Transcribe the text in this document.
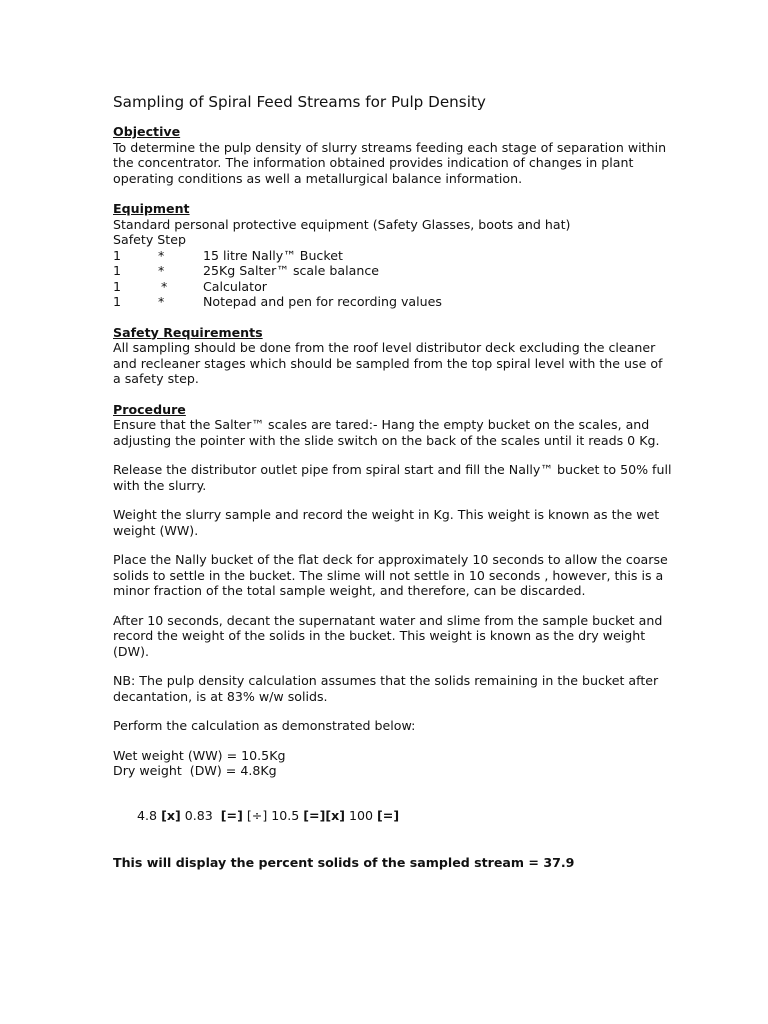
Sampling of Spiral Feed Streams for Pulp Density
Objective

To determine the pulp density of slurry streams feeding each stage of separation within the concentrator. The information obtained provides indication of changes in plant operating conditions as well a metallurgical balance information.

Equipment

Standard personal protective equipment (Safety Glasses, boots and hat)

Safety Step

1	*	15 litre Nally™ Bucket
1	*	25Kg Salter™ scale balance
1	*	Calculator
1	*	Notepad and pen for recording values
Safety Requirements

All sampling should be done from the roof level distributor deck excluding the cleaner and recleaner stages which should be sampled from the top spiral level with the use of a safety step.

Procedure

Ensure that the Salter™ scales are tared:- Hang the empty bucket on the scales, and adjusting the pointer with the slide switch on the back of the scales until it reads 0 Kg.

Release the distributor outlet pipe from spiral start and fill the Nally™ bucket to 50% full with the slurry.

Weight the slurry sample and record the weight in Kg. This weight is known as the wet weight (WW).

Place the Nally bucket of the flat deck for approximately 10 seconds to allow the coarse solids to settle in the bucket. The slime will not settle in 10 seconds , however, this is a minor fraction of the total sample weight, and therefore, can be discarded.

After 10 seconds, decant the supernatant water and slime from the sample bucket and record the weight of the solids in the bucket. This weight is known as the dry weight (DW).

NB: The pulp density calculation assumes that the solids remaining in the bucket after decantation, is at 83% w/w solids.

Perform the calculation as demonstrated below:

Wet weight (WW) = 10.5Kg

Dry weight  (DW) = 4.8Kg

4.8 [x] 0.83  [=] [÷] 10.5 [=][x] 100 [=]

This will display the percent solids of the sampled stream = 37.9
